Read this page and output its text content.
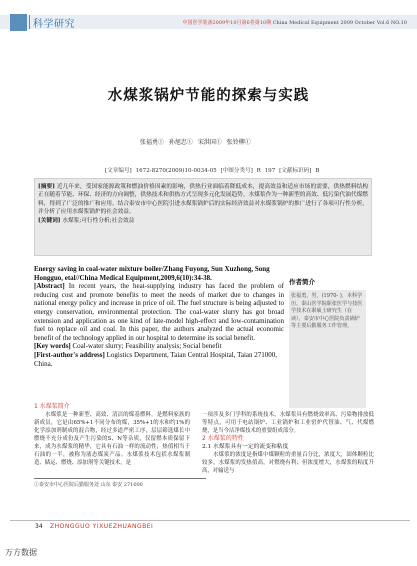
科学研究	中国医学装备2009年10月第6卷第10期 China Medical Equipment 2009 October Vol.6 NO.10
水煤浆锅炉节能的探索与实践
张福勇① 孙旭忠① 宋洪国① 张铃柳①
[文章编号] 1672-8270(2009)10-0034-05 [中图分类号] R 197 [文献标识码] B
[摘要] 近几年来，受国家能源政策和燃油价格因素的影响，供热行业面临着降低成本，提高效益和适应市场的需要，供热燃料结构正在随着节能、环保、经济的方向调整，供热技术和供热方式呈现多元化发展趋势。水煤浆作为一种新型的高效、低污染代油代煤燃料，得到了广泛的推广和应用。结合泰安市中心医院引进水煤浆锅炉后的实际经济效益对水煤浆锅炉的推广进行了各项可行性分析，并分析了应用水煤浆锅炉的社会效益。
[关键词] 水煤浆;可行性分析;社会效益
Energy saving in coal-water mixture boiler/Zhang Fuyong, Sun Xuzhong, Song Hongguo, etal//China Medical Equipment,2009,6(10):34-38.
[Abstract] In recent years, the heat-supplying industry has faced the problem of reducing cost and promote benefits to meet the needs of market due to changes in national energy policy and increase in price of oil. The fuel structure is being adjusted to energy conservation, environmental protection. The coal-water slurry has got broad extension and application as one kind of late-model high-effect and low-contamination fuel to replace oil and coal. In this paper, the authors analyzed the actual economic benefit of the technology applied in our hospital to determine its social benefit.
[Key words] Coal-water slurry; Feasibility analysis; Social benefit
[First-author's address] Logistics Department, Taian Central Hospital, Taian 271000, China.
作者简介
张福勇，男，(1970- )，本科学历，泰山医学院职张医学与技医学技术在职硕士研究生（在读），泰安市中心医院负责锅炉等主要后勤服务工作管理。
1 水煤浆简介
　　水煤浆是一种新型、高效、清洁的煤基燃料，是燃料家族的新成员，它是由65%+1不同分布的煤，35%+1的水和约1%的化学添加剂制成的混合物，经过多道严密工序，层层筛选煤长中燃烧不充分成份及产生污染的S、N等杂质，仅留燃本质保留下来，成为水煤浆的精华，它具有石油一样的流动性，热值相当于石油的一半，被称为液态煤炭产品。水煤浆技术包括水煤浆制造、储运、燃烧、添加剂等关键技术，是
一项涉及多门学科的系统技术，水煤浆具有燃烧效率高、污染物排放低等特点，可用于电站锅炉、工业锅炉和工业窑炉代替油、气、代煤燃烧，是当今洁净煤技术的重要组成部分。
2 水煤浆的特性
2.1 水煤浆具有一定的流变和粘度
　　水煤浆的浓度是指煤中煤颗粒的重量百分比，浓度大，固体颗粒比较多，水煤浆的发热值高，对燃烧有利；但浓度增大，水煤浆的粘度升高，对输送与
①泰安市中心医院后勤服务处 山东 泰安 271000
34 ZHONGGUO YIXUEZHUANGBEI
万方数据
